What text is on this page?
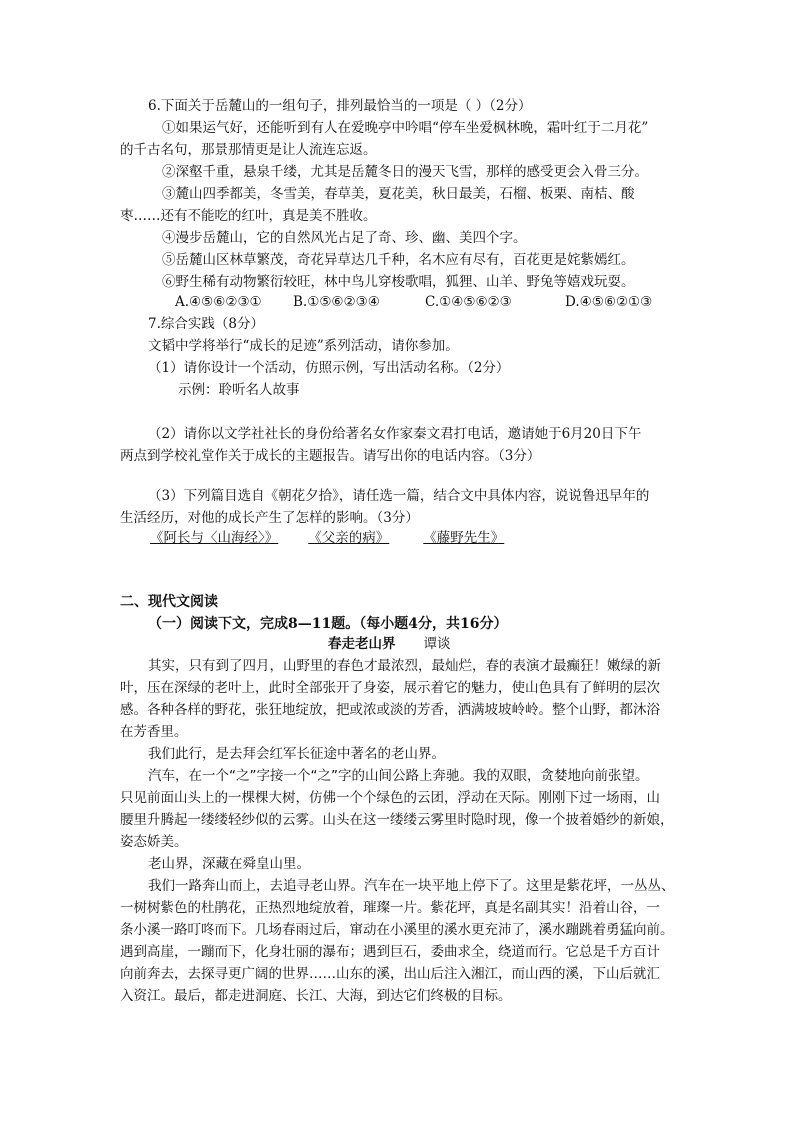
6.下面关于岳麓山的一组句子，排列最恰当的一项是（ ）（2分）
①如果运气好，还能听到有人在爱晚亭中吟唱“停车坐爱枫林晚，霜叶红于二月花”
的千古名句，那景那情更是让人流连忘返。
②深壑千重，悬泉千缕，尤其是岳麓冬日的漫天飞雪，那样的感受更会入骨三分。
③麓山四季都美，冬雪美，春草美，夏花美，秋日最美，石榴、板栗、南桔、酸
枣……还有不能吃的红叶，真是美不胜收。
④漫步岳麓山，它的自然风光占足了奇、珍、幽、美四个字。
⑤岳麓山区林草繁茂，奇花异草达几千种，名木应有尽有，百花更是姹紫嫣红。
⑥野生稀有动物繁衍较旺，林中鸟儿穿梭歌唱，狐狸、山羊、野兔等嬉戏玩耍。
A.④⑤⑥②③① B.①⑤⑥②③④	C.①④⑤⑥②③	D.④⑤⑥②①③
7.综合实践（8分）
文韬中学将举行“成长的足迹”系列活动，请你参加。
（1）请你设计一个活动，仿照示例，写出活动名称。（2分）
示例：聆听名人故事
（2）请你以文学社社长的身份给著名女作家秦文君打电话，邀请她于6月20日下午
两点到学校礼堂作关于成长的主题报告。请写出你的电话内容。（3分）
（3）下列篇目选自《朝花夕拾》，请任选一篇，结合文中具体内容，说说鲁迅早年的
生活经历，对他的成长产生了怎样的影响。（3分）
《阿长与〈山海经〉》 《父亲的病》	《藤野先生》
二、现代文阅读
（一）阅读下文，完成8—11题。（每小题4分，共16分）
春走老山界 谭谈
其实，只有到了四月，山野里的春色才最浓烈，最灿烂，春的表演才最癫狂！嫩绿的新
叶，压在深绿的老叶上，此时全部张开了身姿，展示着它的魅力，使山色具有了鲜明的层次
感。各种各样的野花，张狂地绽放，把或浓或淡的芳香，洒满坡坡岭岭。整个山野，都沐浴
在芳香里。
我们此行，是去拜会红军长征途中著名的老山界。
汽车，在一个“之”字接一个“之”字的山间公路上奔驰。我的双眼，贪婪地向前张望。
只见前面山头上的一棵棵大树，仿佛一个个绿色的云团，浮动在天际。刚刚下过一场雨，山
腰里升腾起一缕缕轻纱似的云雾。山头在这一缕缕云雾里时隐时现，像一个披着婚纱的新娘，
姿态娇美。
老山界，深藏在舜皇山里。
我们一路奔山而上，去追寻老山界。汽车在一块平地上停下了。这里是紫花坪，一丛丛、
一树树紫色的杜鹃花，正热烈地绽放着，璀璨一片。紫花坪，真是名副其实！沿着山谷，一
条小溪一路叮咚而下。几场春雨过后，窜动在小溪里的溪水更充沛了，溪水蹦跳着勇猛向前。
遇到高崖，一蹦而下，化身壮丽的瀑布；遇到巨石，委曲求全，绕道而行。它总是千方百计
向前奔去，去探寻更广阔的世界……山东的溪，出山后注入湘江，而山西的溪，下山后就汇
入资江。最后，都走进洞庭、长江、大海，到达它们终极的目标。
